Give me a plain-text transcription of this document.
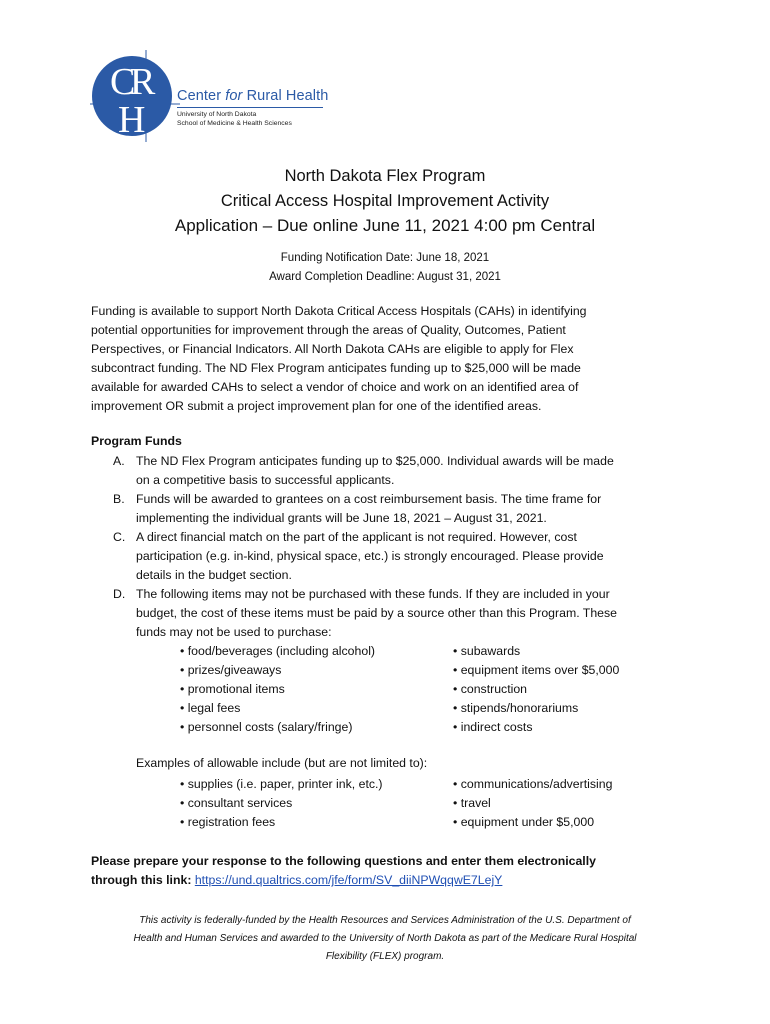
C
R
H
Center for Rural Health
University of North Dakota
School of Medicine & Health Sciences
North Dakota Flex Program
Critical Access Hospital Improvement Activity
Application – Due online June 11, 2021 4:00 pm Central
Funding Notification Date: June 18, 2021
Award Completion Deadline: August 31, 2021
Funding is available to support North Dakota Critical Access Hospitals (CAHs) in identifying
potential opportunities for improvement through the areas of Quality, Outcomes, Patient
Perspectives, or Financial Indicators. All North Dakota CAHs are eligible to apply for Flex
subcontract funding. The ND Flex Program anticipates funding up to $25,000 will be made
available for awarded CAHs to select a vendor of choice and work on an identified area of
improvement OR submit a project improvement plan for one of the identified areas.
Program Funds
A. The ND Flex Program anticipates funding up to $25,000. Individual awards will be made
on a competitive basis to successful applicants.
B. Funds will be awarded to grantees on a cost reimbursement basis. The time frame for
implementing the individual grants will be June 18, 2021 – August 31, 2021.
C. A direct financial match on the part of the applicant is not required. However, cost
participation (e.g. in-kind, physical space, etc.) is strongly encouraged. Please provide
details in the budget section.
D. The following items may not be purchased with these funds. If they are included in your
budget, the cost of these items must be paid by a source other than this Program. These
funds may not be used to purchase:
• food/beverages (including alcohol)
• prizes/giveaways
• promotional items
• legal fees
• personnel costs (salary/fringe)
• subawards
• equipment items over $5,000
• construction
• stipends/honorariums
• indirect costs
Examples of allowable include (but are not limited to):
• supplies (i.e. paper, printer ink, etc.)
• consultant services
• registration fees
• communications/advertising
• travel
• equipment under $5,000
Please prepare your response to the following questions and enter them electronically
through this link: https://und.qualtrics.com/jfe/form/SV_diiNPWqqwE7LejY
This activity is federally-funded by the Health Resources and Services Administration of the U.S. Department of
Health and Human Services and awarded to the University of North Dakota as part of the Medicare Rural Hospital
Flexibility (FLEX) program.
